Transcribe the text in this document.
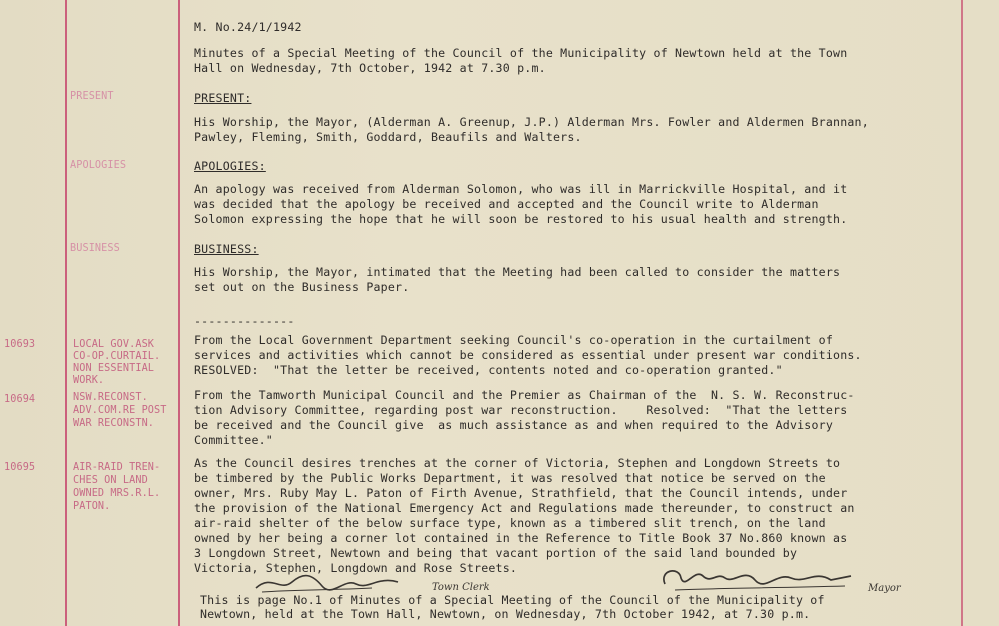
M. No.24/1/1942
Minutes of a Special Meeting of the Council of the Municipality of Newtown held at the Town
Hall on Wednesday, 7th October, 1942 at 7.30 p.m.
PRESENT	PRESENT:
His Worship, the Mayor, (Alderman A. Greenup, J.P.) Alderman Mrs. Fowler and Aldermen Brannan,
Pawley, Fleming, Smith, Goddard, Beaufils and Walters.
APOLOGIES	APOLOGIES:
An apology was received from Alderman Solomon, who was ill in Marrickville Hospital, and it
was decided that the apology be received and accepted and the Council write to Alderman
Solomon expressing the hope that he will soon be restored to his usual health and strength.
BUSINESS	BUSINESS:
His Worship, the Mayor, intimated that the Meeting had been called to consider the matters
set out on the Business Paper.
--------------
10693	LOCAL GOV.ASK
CO-OP.CURTAIL.
NON ESSENTIAL
WORK.
From the Local Government Department seeking Council's co-operation in the curtailment of
services and activities which cannot be considered as essential under present war conditions.
RESOLVED:  "That the letter be received, contents noted and co-operation granted."
10694	NSW.RECONST.
ADV.COM.RE POST
WAR RECONSTN.
From the Tamworth Municipal Council and the Premier as Chairman of the  N. S. W. Reconstruc-
tion Advisory Committee, regarding post war reconstruction.    Resolved:  "That the letters
be received and the Council give  as much assistance as and when required to the Advisory
Committee."
10695	AIR-RAID TREN-
CHES ON LAND
OWNED MRS.R.L.
PATON.
As the Council desires trenches at the corner of Victoria, Stephen and Longdown Streets to
be timbered by the Public Works Department, it was resolved that notice be served on the
owner, Mrs. Ruby May L. Paton of Firth Avenue, Strathfield, that the Council intends, under
the provision of the National Emergency Act and Regulations made thereunder, to construct an
air-raid shelter of the below surface type, known as a timbered slit trench, on the land
owned by her being a corner lot contained in the Reference to Title Book 37 No.860 known as
3 Longdown Street, Newtown and being that vacant portion of the said land bounded by
Victoria, Stephen, Longdown and Rose Streets.
Town Clerk	Mayor
This is page No.1 of Minutes of a Special Meeting of the Council of the Municipality of
Newtown, held at the Town Hall, Newtown, on Wednesday, 7th October 1942, at 7.30 p.m.
